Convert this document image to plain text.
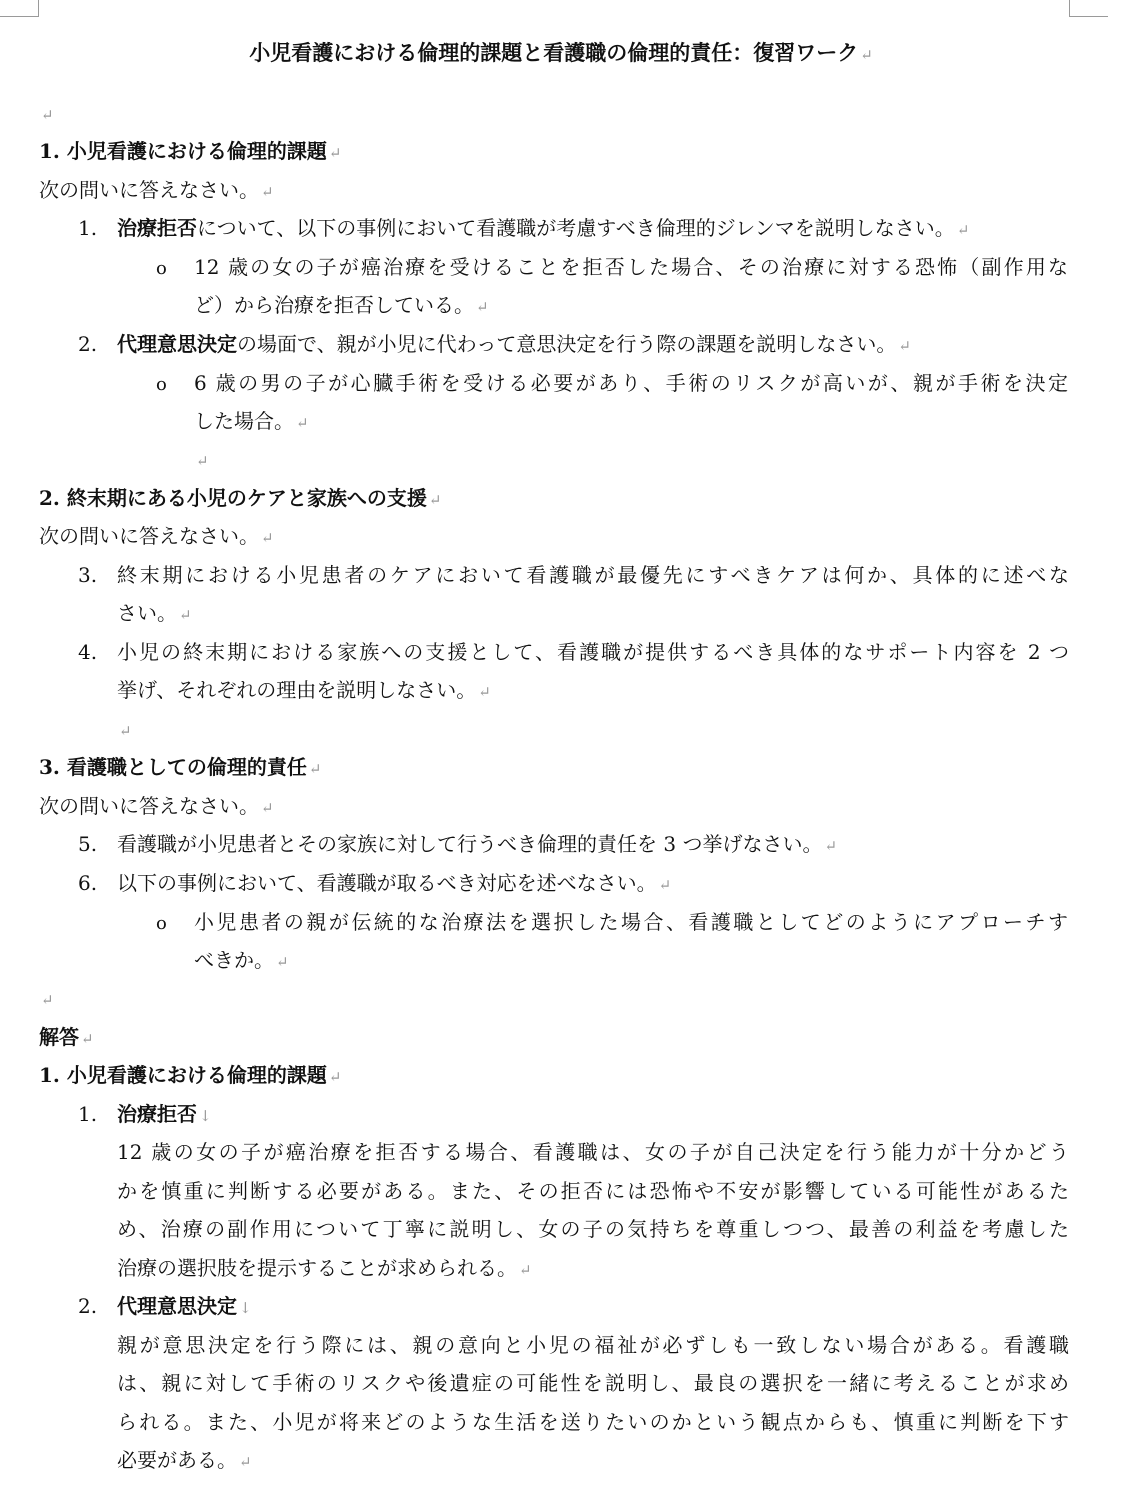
小児看護における倫理的課題と看護職の倫理的責任：復習ワーク ↵
↵
1. 小児看護における倫理的課題 ↵
次の問いに答えなさい。 ↵
1. 治療拒否について、以下の事例において看護職が考慮すべき倫理的ジレンマを説明しなさい。 ↵
o 12 歳の女の子が癌治療を受けることを拒否した場合、その治療に対する恐怖（副作用な
ど）から治療を拒否している。 ↵
2. 代理意思決定の場面で、親が小児に代わって意思決定を行う際の課題を説明しなさい。 ↵
o 6 歳の男の子が心臓手術を受ける必要があり、手術のリスクが高いが、親が手術を決定
した場合。 ↵
↵
2. 終末期にある小児のケアと家族への支援 ↵
次の問いに答えなさい。 ↵
3. 終末期における小児患者のケアにおいて看護職が最優先にすべきケアは何か、具体的に述べな
さい。 ↵
4. 小児の終末期における家族への支援として、看護職が提供するべき具体的なサポート内容を 2 つ
挙げ、それぞれの理由を説明しなさい。 ↵
↵
3. 看護職としての倫理的責任 ↵
次の問いに答えなさい。 ↵
5. 看護職が小児患者とその家族に対して行うべき倫理的責任を 3 つ挙げなさい。 ↵
6. 以下の事例において、看護職が取るべき対応を述べなさい。 ↵
o 小児患者の親が伝統的な治療法を選択した場合、看護職としてどのようにアプローチす
べきか。 ↵
↵
解答 ↵
1. 小児看護における倫理的課題 ↵
1. 治療拒否 ↓
12 歳の女の子が癌治療を拒否する場合、看護職は、女の子が自己決定を行う能力が十分かどう
かを慎重に判断する必要がある。また、その拒否には恐怖や不安が影響している可能性があるた
め、治療の副作用について丁寧に説明し、女の子の気持ちを尊重しつつ、最善の利益を考慮した
治療の選択肢を提示することが求められる。 ↵
2. 代理意思決定 ↓
親が意思決定を行う際には、親の意向と小児の福祉が必ずしも一致しない場合がある。看護職
は、親に対して手術のリスクや後遺症の可能性を説明し、最良の選択を一緒に考えることが求め
られる。また、小児が将来どのような生活を送りたいのかという観点からも、慎重に判断を下す
必要がある。 ↵
